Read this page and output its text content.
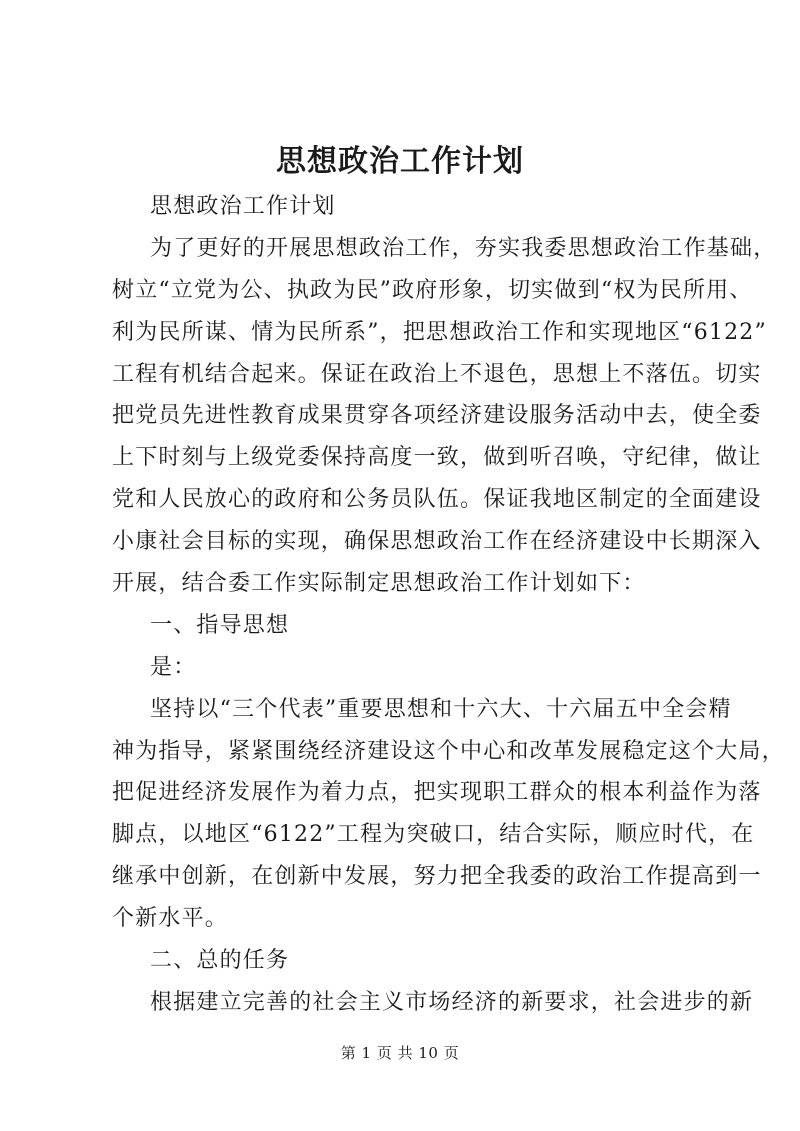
思想政治工作计划
思想政治工作计划
为了更好的开展思想政治工作，夯实我委思想政治工作基础，
树立“立党为公、执政为民”政府形象，切实做到“权为民所用、
利为民所谋、情为民所系”，把思想政治工作和实现地区“6122”
工程有机结合起来。保证在政治上不退色，思想上不落伍。切实
把党员先进性教育成果贯穿各项经济建设服务活动中去，使全委
上下时刻与上级党委保持高度一致，做到听召唤，守纪律，做让
党和人民放心的政府和公务员队伍。保证我地区制定的全面建设
小康社会目标的实现，确保思想政治工作在经济建设中长期深入
开展，结合委工作实际制定思想政治工作计划如下：
一、指导思想
是：
坚持以“三个代表”重要思想和十六大、十六届五中全会精
神为指导，紧紧围绕经济建设这个中心和改革发展稳定这个大局，
把促进经济发展作为着力点，把实现职工群众的根本利益作为落
脚点，以地区“6122”工程为突破口，结合实际，顺应时代，在
继承中创新，在创新中发展，努力把全我委的政治工作提高到一
个新水平。
二、总的任务
根据建立完善的社会主义市场经济的新要求，社会进步的新
第 1 页 共 10 页
